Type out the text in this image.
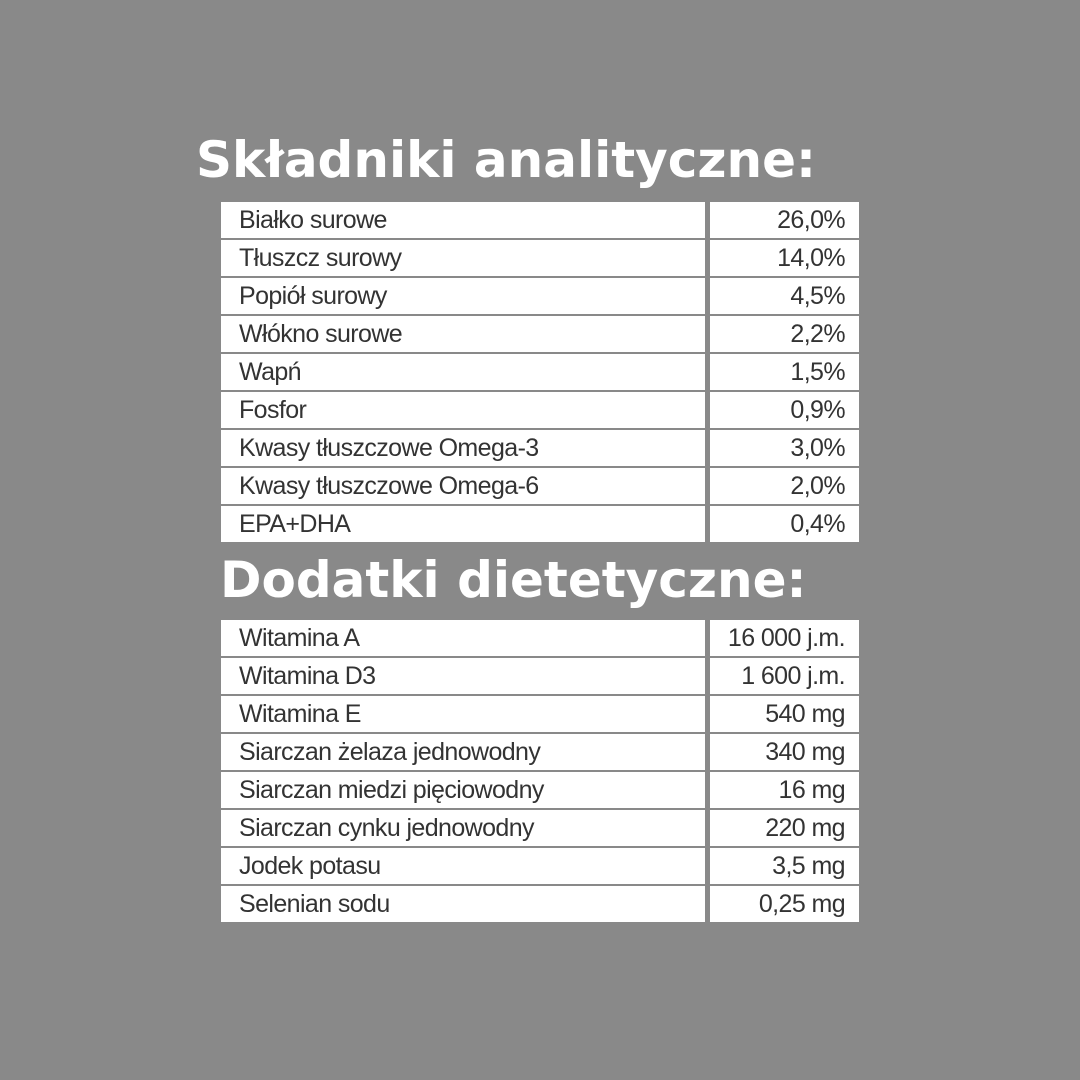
Składniki analityczne:
Białko surowe	26,0%
Tłuszcz surowy	14,0%
Popiół surowy	4,5%
Włókno surowe	2,2%
Wapń	1,5%
Fosfor	0,9%
Kwasy tłuszczowe Omega-3	3,0%
Kwasy tłuszczowe Omega-6	2,0%
EPA+DHA	0,4%
Dodatki dietetyczne:
Witamina A	16 000 j.m.
Witamina D3	1 600 j.m.
Witamina E	540 mg
Siarczan żelaza jednowodny	340 mg
Siarczan miedzi pięciowodny	16 mg
Siarczan cynku jednowodny	220 mg
Jodek potasu	3,5 mg
Selenian sodu	0,25 mg
